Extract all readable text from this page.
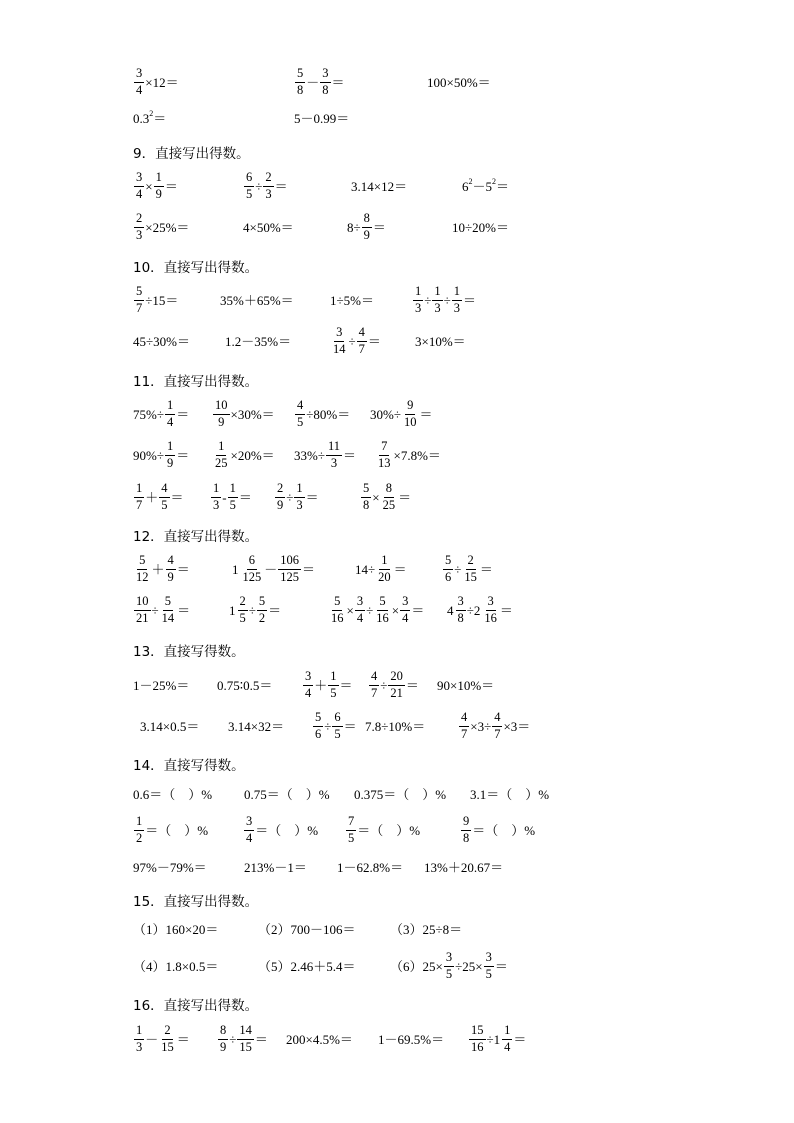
$\frac{3}{4} \times 12=$	$\frac{5}{8} - \frac{3}{8}$ ＝	100×50%＝
$0.3^2$ ＝	5－0.99＝
9．直接写出得数。
$\frac{3}{4} \times \frac{1}{9}$ ＝	$\frac{6}{5} \div \frac{2}{3}$ ＝	3.14×12＝	$6^2 -5^2$ ＝
$\frac{2}{3} \times 25\%=$	4×50%＝	$8\div \frac{8}{9}$ ＝	10÷20%＝
10．直接写出得数。
$\frac{5}{7} \div 15=$	35%＋65%＝	1÷5%＝	$\frac{1}{3} \div \frac{1}{3} \div \frac{1}{3}$ ＝
45÷30%＝	1.2－35%＝	$\frac{3}{14} \div \frac{4}{7}$ ＝	3×10%＝
11．直接写出得数。
$75\%\div \frac{1}{4} = \frac{10}{9} \times 30\%= \frac{4}{5} \div 80\%= 30\%\div \frac{9}{10}$ ＝
$90\%\div \frac{1}{9} = \frac{1}{25} \times 20\%= 33\%\div \frac{11}{3} = \frac{7}{13} \times 7.8\%=$
$\frac{1}{7} + \frac{4}{5} = \frac{1}{3} - \frac{1}{5} = \frac{2}{9} \div \frac{1}{3}$ ＝	$\frac{5}{8} \times \frac{8}{25}$ ＝
12．直接写出得数。
$\frac{5}{12} + \frac{4}{9}$ ＝	$1 \frac{6}{125} - \frac{106}{125}$ ＝	$14\div \frac{1}{20}$ ＝	$\frac{5}{6} \div \frac{2}{15}$ ＝
$\frac{10}{21} \div \frac{5}{14}$ ＝	$1 \frac{2}{5} \div \frac{5}{2}$ ＝	$\frac{5}{16} \times \frac{3}{4} \div \frac{5}{16} \times \frac{3}{4} = 4 \frac{3}{8} \div 2 \frac{3}{16}$ ＝
13．直接写得数。
1－25%＝ 0.75∶0.5＝ $\frac{3}{4} + \frac{1}{5} = \frac{4}{7} \div \frac{20}{21} = 90\times 10\%=$
$3.14\times 0.5= 3.14\times 32= \frac{5}{6} \div \frac{6}{5} = 7.8\div 10\%=$	$\frac{4}{7} \times 3\div \frac{4}{7} \times 3=$
14．直接写得数。
0.6＝（    ）% 0.75＝（    ）% 0.375＝（    ）% 3.1＝（    ）%
$\frac{1}{2}$ ＝（    ）%	$\frac{3}{4}$ ＝（    ）% $\frac{7}{5}$ ＝（    ）%	$\frac{9}{8}$ ＝（    ）%
97%－79%＝	213%－1＝ 1－62.8%＝ 13%＋20.67＝
15．直接写出得数。
（1）160×20＝	（2）700－106＝	（3）25÷8＝
（4）1.8×0.5＝	（5）2.46＋5.4＝	$(6)25\times \frac{3}{5} \div 25\times \frac{3}{5}$ ＝
16．直接写出得数。
$\frac{1}{3} - \frac{2}{15} = \frac{8}{9} \div \frac{14}{15} = 200\times 4.5\%= 1-69.5\%= \frac{15}{16} \div 1 \frac{1}{4}$ ＝
